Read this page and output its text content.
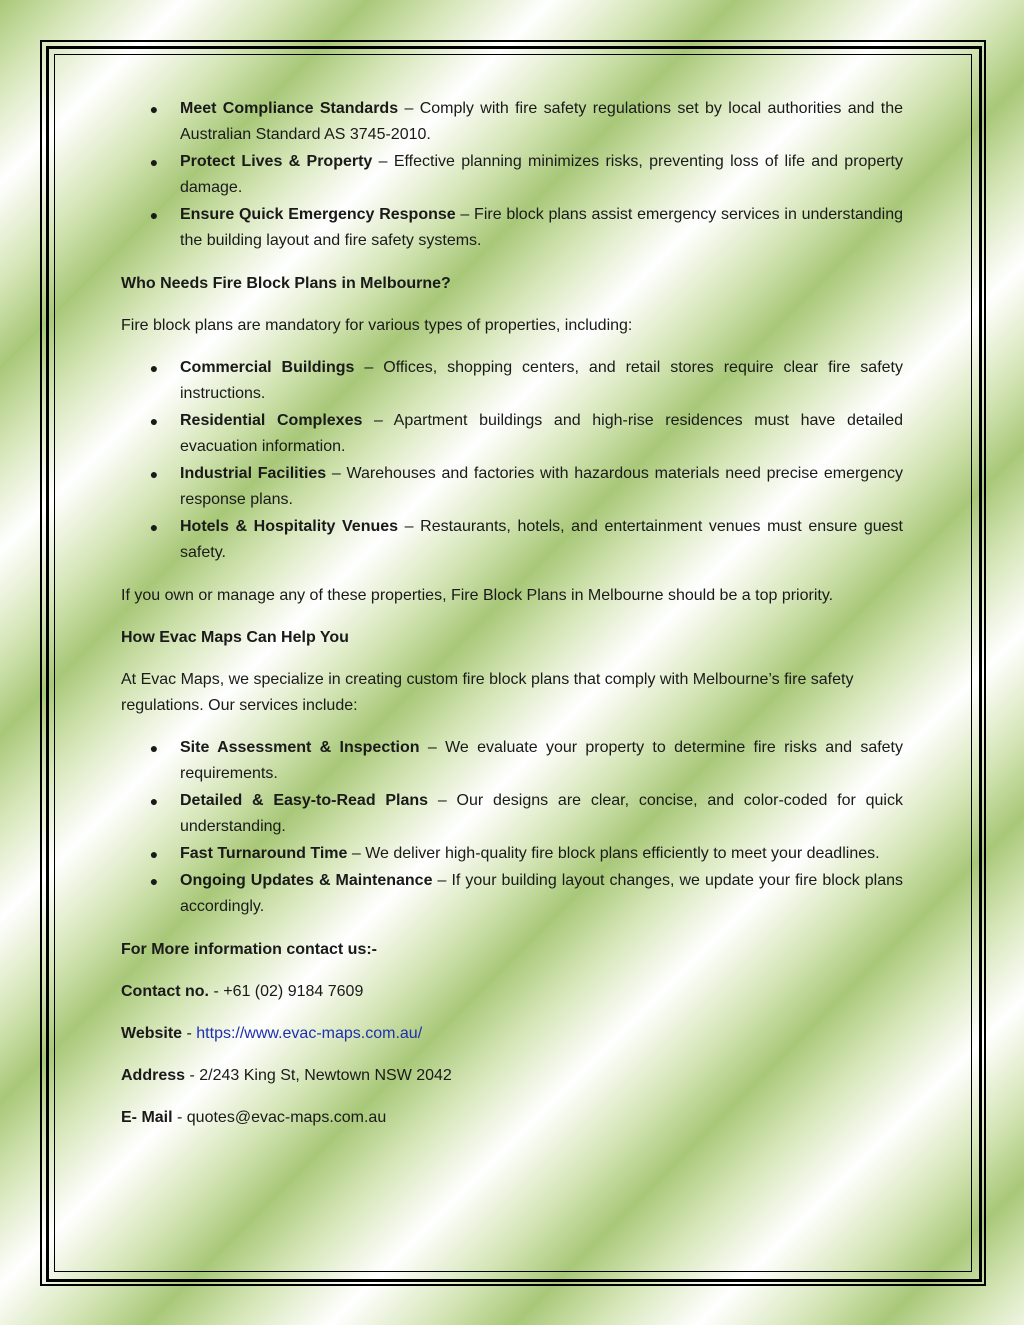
● Meet Compliance Standards – Comply with fire safety regulations set by local authorities and the Australian Standard AS 3745-2010.
● Protect Lives & Property – Effective planning minimizes risks, preventing loss of life and property damage.
● Ensure Quick Emergency Response – Fire block plans assist emergency services in understanding the building layout and fire safety systems.

Who Needs Fire Block Plans in Melbourne?

Fire block plans are mandatory for various types of properties, including:

● Commercial Buildings – Offices, shopping centers, and retail stores require clear fire safety instructions.
● Residential Complexes – Apartment buildings and high-rise residences must have detailed evacuation information.
● Industrial Facilities – Warehouses and factories with hazardous materials need precise emergency response plans.
● Hotels & Hospitality Venues – Restaurants, hotels, and entertainment venues must ensure guest safety.

If you own or manage any of these properties, Fire Block Plans in Melbourne should be a top priority.

How Evac Maps Can Help You

At Evac Maps, we specialize in creating custom fire block plans that comply with Melbourne’s fire safety regulations. Our services include:

● Site Assessment & Inspection – We evaluate your property to determine fire risks and safety requirements.
● Detailed & Easy-to-Read Plans – Our designs are clear, concise, and color-coded for quick understanding.
● Fast Turnaround Time – We deliver high-quality fire block plans efficiently to meet your deadlines.
● Ongoing Updates & Maintenance – If your building layout changes, we update your fire block plans accordingly.

For More information contact us:-

Contact no. - +61 (02) 9184 7609

Website - https://www.evac-maps.com.au/

Address - 2/243 King St, Newtown NSW 2042

E- Mail - quotes@evac-maps.com.au
